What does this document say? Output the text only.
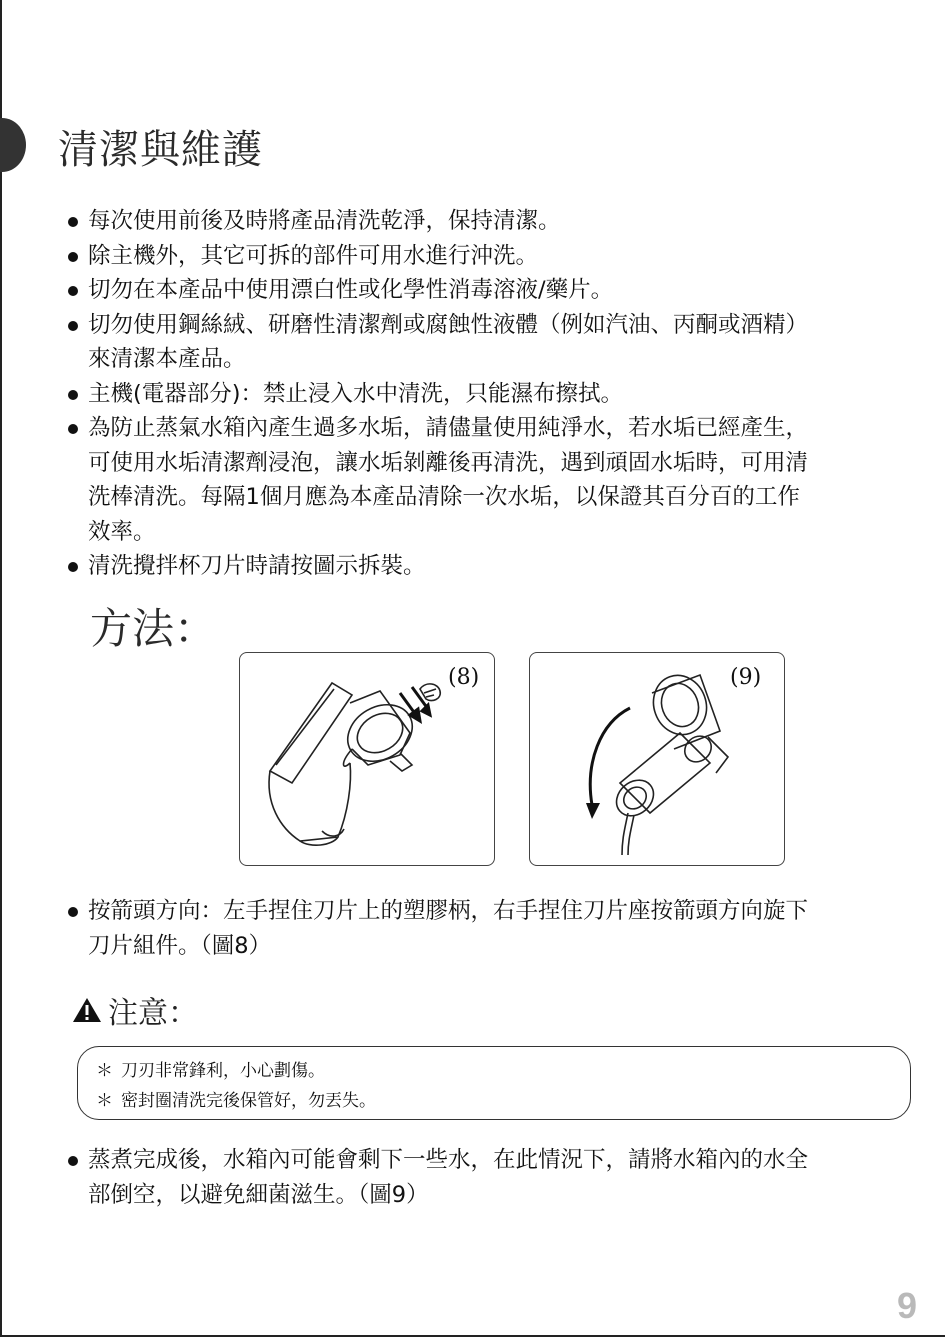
清潔與維護
每次使用前後及時將產品清洗乾淨，保持清潔。
除主機外，其它可拆的部件可用水進行沖洗。
切勿在本產品中使用漂白性或化學性消毒溶液/藥片。
切勿使用鋼絲絨、研磨性清潔劑或腐蝕性液體（例如汽油、丙酮或酒精）
來清潔本產品。
主機(電器部分)：禁止浸入水中清洗，只能濕布擦拭。
為防止蒸氣水箱內產生過多水垢，請儘量使用純淨水，若水垢已經產生，
可使用水垢清潔劑浸泡，讓水垢剝離後再清洗，遇到頑固水垢時，可用清
洗棒清洗。每隔1個月應為本產品清除一次水垢，以保證其百分百的工作
效率。
清洗攪拌杯刀片時請按圖示拆裝。
方法：
(8)	(9)
按箭頭方向：左手捏住刀片上的塑膠柄，右手捏住刀片座按箭頭方向旋下
刀片組件。（圖8）
注意：
＊ 刀刃非常鋒利，小心劃傷。
＊ 密封圈清洗完後保管好，勿丟失。
蒸煮完成後，水箱內可能會剩下一些水，在此情況下，請將水箱內的水全
部倒空，以避免細菌滋生。（圖9）
9
